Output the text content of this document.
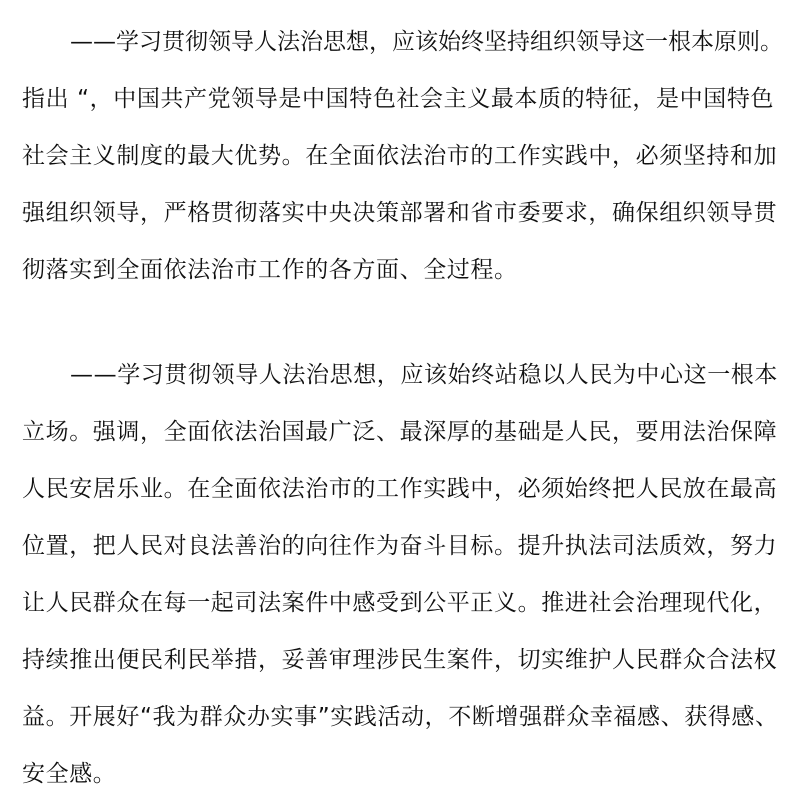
——学习贯彻领导人法治思想，应该始终坚持组织领导这一根本原则。
指出 “，中国共产党领导是中国特色社会主义最本质的特征，是中国特色
社会主义制度的最大优势。在全面依法治市的工作实践中，必须坚持和加
强组织领导，严格贯彻落实中央决策部署和省市委要求，确保组织领导贯
彻落实到全面依法治市工作的各方面、全过程。
——学习贯彻领导人法治思想，应该始终站稳以人民为中心这一根本
立场。强调，全面依法治国最广泛、最深厚的基础是人民，要用法治保障
人民安居乐业。在全面依法治市的工作实践中，必须始终把人民放在最高
位置，把人民对良法善治的向往作为奋斗目标。提升执法司法质效，努力
让人民群众在每一起司法案件中感受到公平正义。推进社会治理现代化，
持续推出便民利民举措，妥善审理涉民生案件，切实维护人民群众合法权
益。开展好“我为群众办实事”实践活动，不断增强群众幸福感、获得感、
安全感。
